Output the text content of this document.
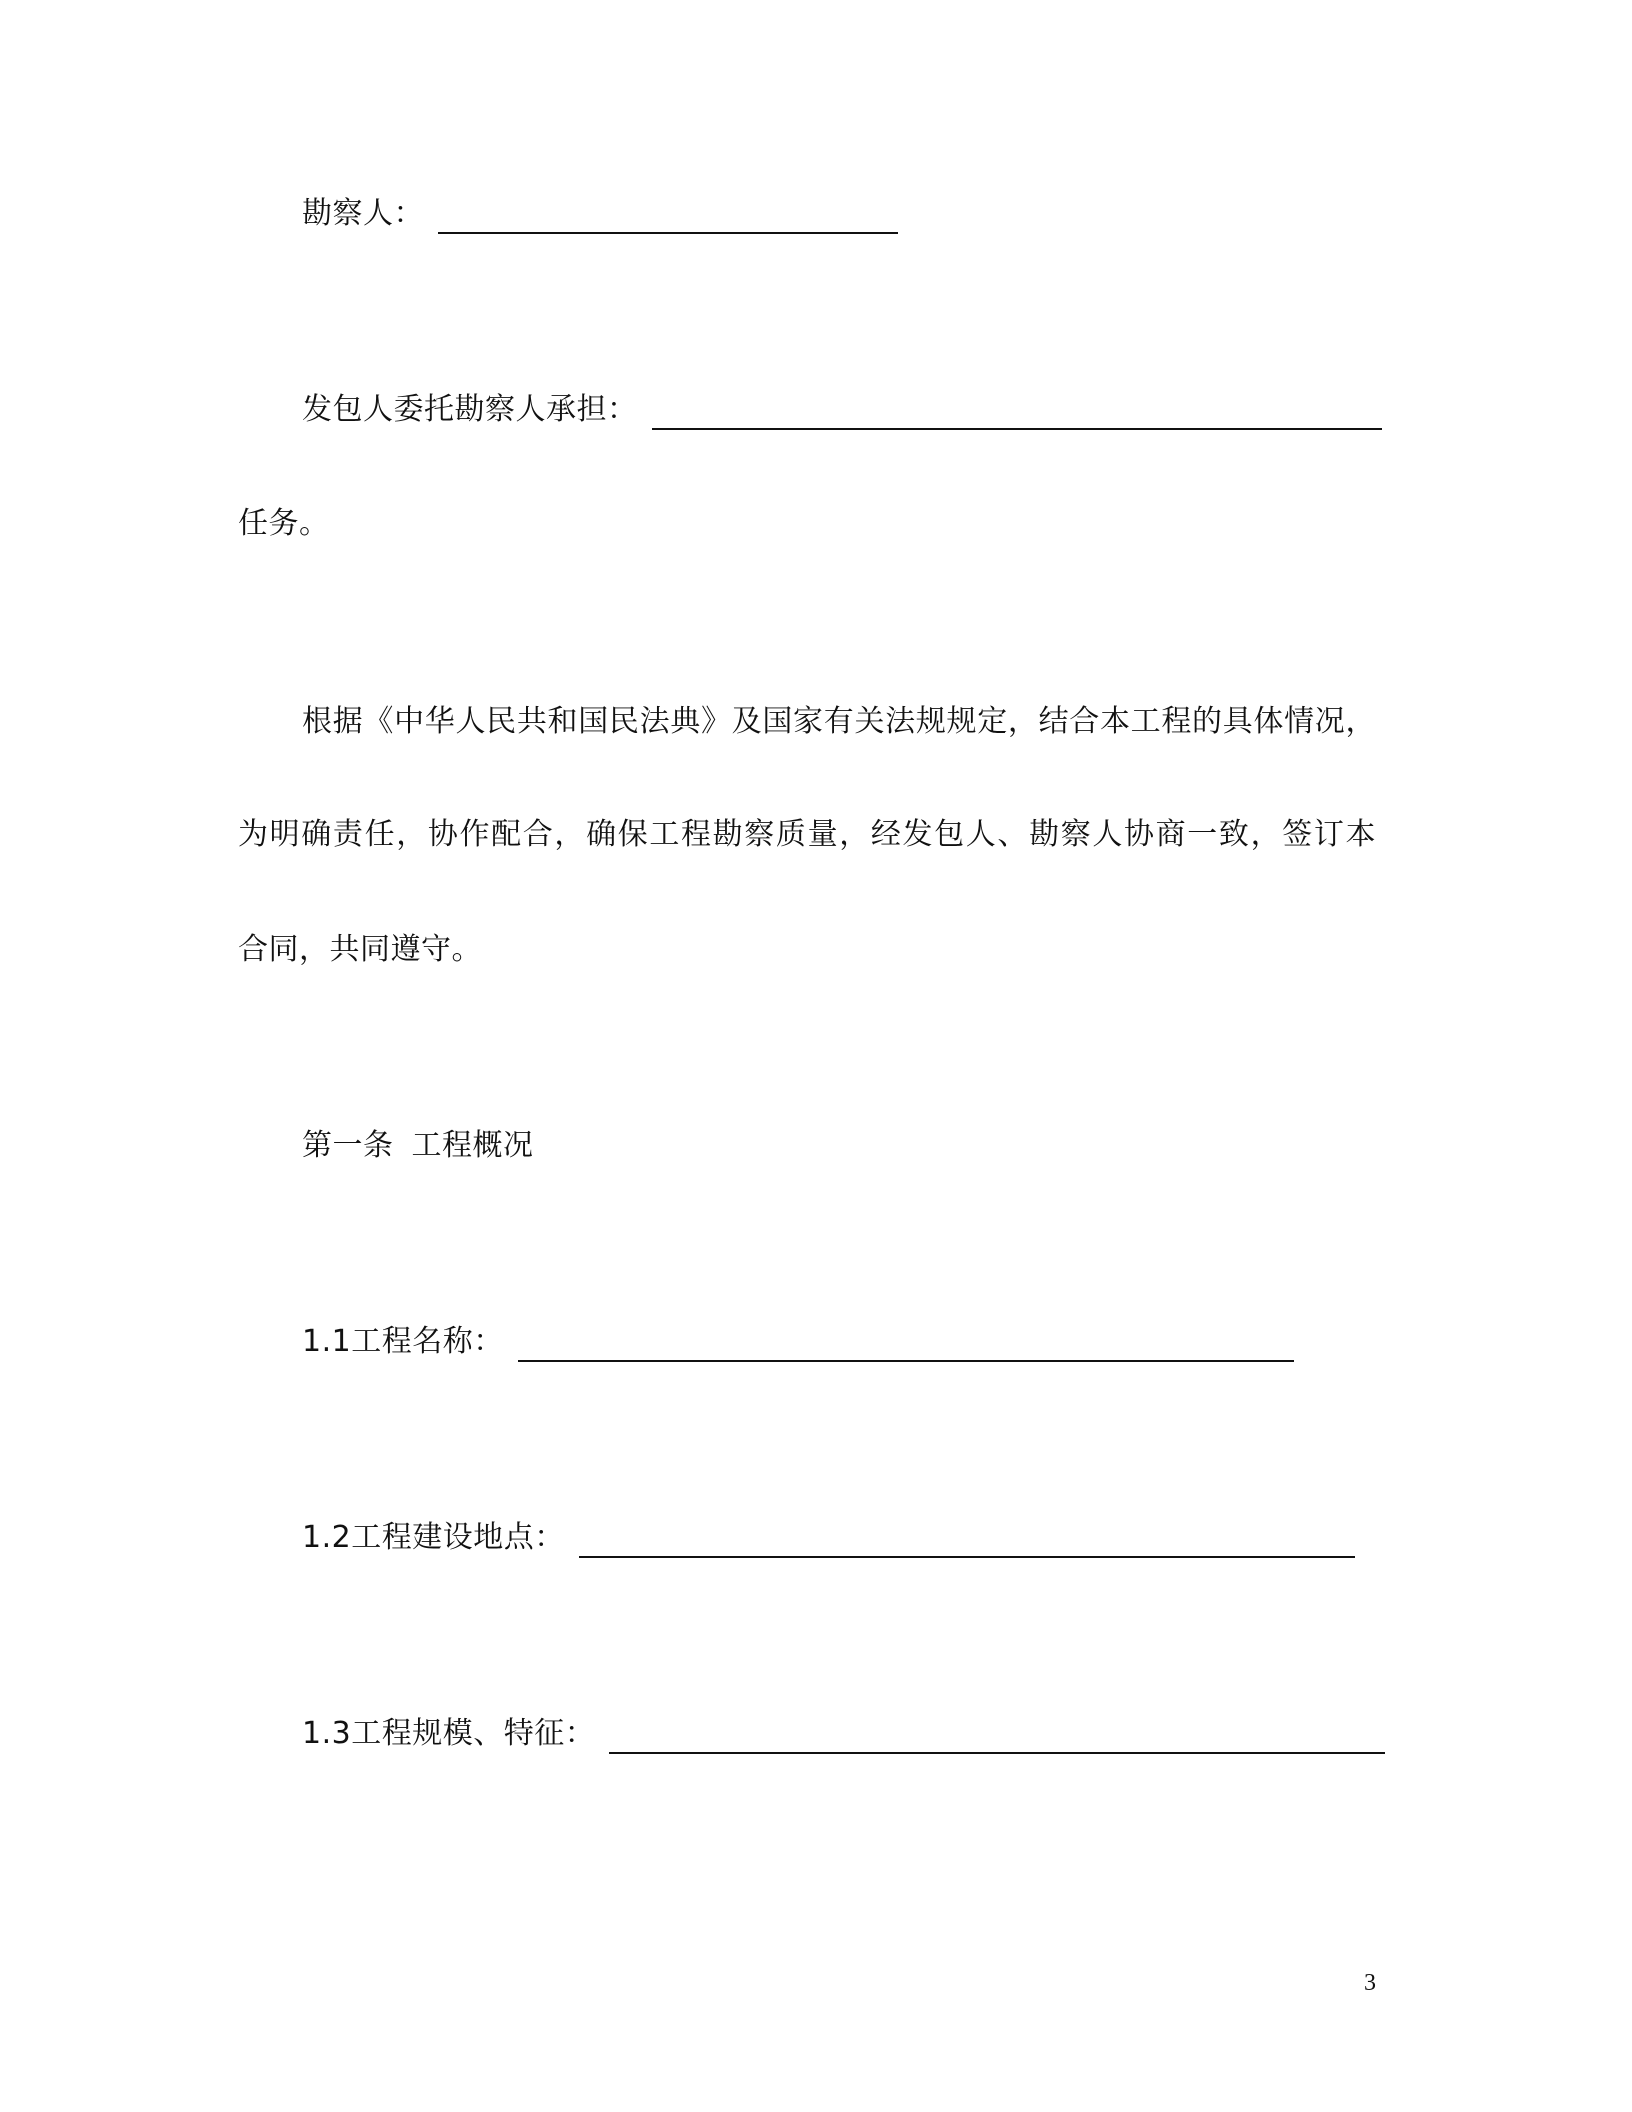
勘察人：
发包人委托勘察人承担：
任务。
根据《中华人民共和国民法典》及国家有关法规规定，结合本工程的具体情况，
为明确责任，协作配合，确保工程勘察质量，经发包人、勘察人协商一致，签订本
合同，共同遵守。
第一条 工程概况
1.1工程名称：
1.2工程建设地点：
1.3工程规模、特征：
3
